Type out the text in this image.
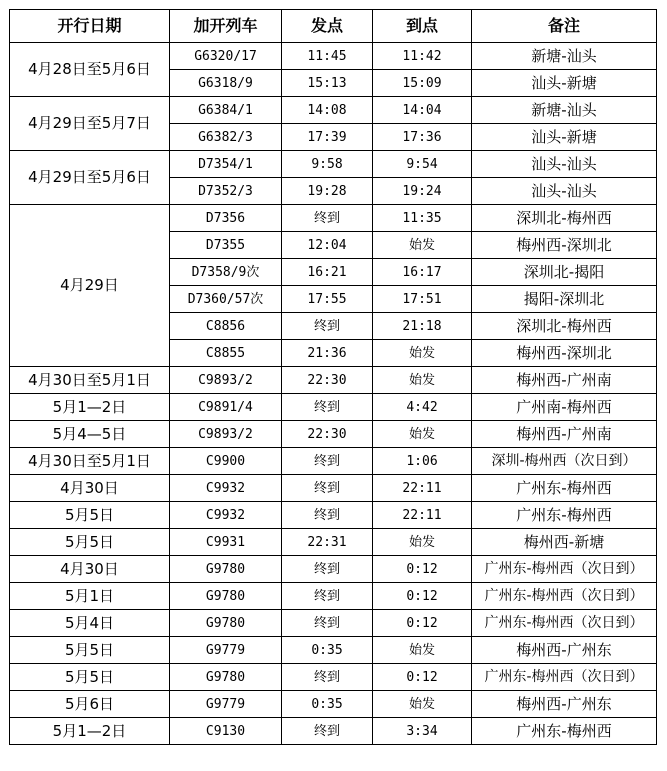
开行日期	加开列车	发点	到点	备注
4月28日至5月6日	G6320/17	11:45	11:42	新塘-汕头
	G6318/9	15:13	15:09	汕头-新塘
4月29日至5月7日	G6384/1	14:08	14:04	新塘-汕头
	G6382/3	17:39	17:36	汕头-新塘
4月29日至5月6日	D7354/1	9:58	9:54	汕头-汕头
	D7352/3	19:28	19:24	汕头-汕头
4月29日	D7356	终到	11:35	深圳北-梅州西
	D7355	12:04	始发	梅州西-深圳北
	D7358/9次	16:21	16:17	深圳北-揭阳
	D7360/57次	17:55	17:51	揭阳-深圳北
	C8856	终到	21:18	深圳北-梅州西
	C8855	21:36	始发	梅州西-深圳北
4月30日至5月1日	C9893/2	22:30	始发	梅州西-广州南
5月1—2日	C9891/4	终到	4:42	广州南-梅州西
5月4—5日	C9893/2	22:30	始发	梅州西-广州南
4月30日至5月1日	C9900	终到	1:06	深圳-梅州西（次日到）
4月30日	C9932	终到	22:11	广州东-梅州西
5月5日	C9932	终到	22:11	广州东-梅州西
5月5日	C9931	22:31	始发	梅州西-新塘
4月30日	G9780	终到	0:12	广州东-梅州西（次日到）
5月1日	G9780	终到	0:12	广州东-梅州西（次日到）
5月4日	G9780	终到	0:12	广州东-梅州西（次日到）
5月5日	G9779	0:35	始发	梅州西-广州东
5月5日	G9780	终到	0:12	广州东-梅州西（次日到）
5月6日	G9779	0:35	始发	梅州西-广州东
5月1—2日	C9130	终到	3:34	广州东-梅州西
